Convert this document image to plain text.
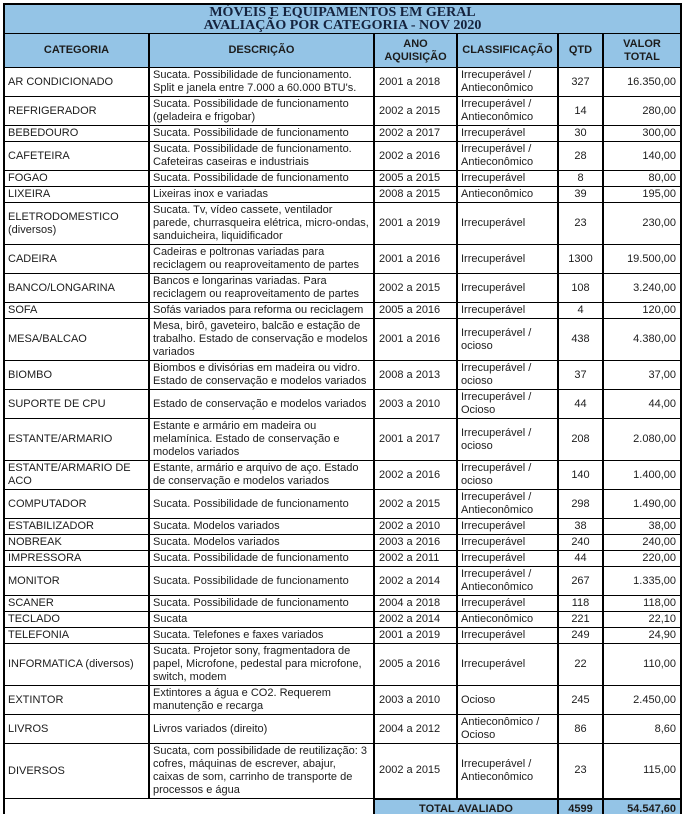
MÓVEIS E EQUIPAMENTOS EM GERAL
AVALIAÇÃO POR CATEGORIA - NOV 2020					

CATEGORIA	DESCRIÇÃO	ANO AQUISIÇÃO	CLASSIFICAÇÃO	QTD	VALOR TOTAL
AR CONDICIONADO	Sucata. Possibilidade de funcionamento. Split e janela entre 7.000 a 60.000 BTU's.	2001 a 2018	Irrecuperável / Antieconômico	327	16.350,00
REFRIGERADOR	Sucata. Possibilidade de funcionamento (geladeira e frigobar)	2002 a 2015	Irrecuperável / Antieconômico	14	280,00
BEBEDOURO	Sucata. Possibilidade de funcionamento	2002 a 2017	Irrecuperável	30	300,00
CAFETEIRA	Sucata. Possibilidade de funcionamento. Cafeteiras caseiras e industriais	2002 a 2016	Irrecuperável / Antieconômico	28	140,00
FOGAO	Sucata. Possibilidade de funcionamento	2005 a 2015	Irrecuperável	8	80,00
LIXEIRA	Lixeiras inox e variadas	2008 a 2015	Antieconômico	39	195,00
ELETRODOMESTICO (diversos)	Sucata. Tv, vídeo cassete, ventilador parede, churrasqueira elétrica, micro-ondas, sanduicheira, liquidificador	2001 a 2019	Irrecuperável	23	230,00
CADEIRA	Cadeiras e poltronas variadas para reciclagem ou reaproveitamento de partes	2001 a 2016	Irrecuperável	1300	19.500,00
BANCO/LONGARINA	Bancos e longarinas variadas. Para reciclagem ou reaproveitamento de partes	2002 a 2015	Irrecuperável	108	3.240,00
SOFA	Sofás variados para reforma ou reciclagem	2005 a 2016	Irrecuperável	4	120,00
MESA/BALCAO	Mesa, birô, gaveteiro, balcão e estação de trabalho. Estado de conservação e modelos variados	2001 a 2016	Irrecuperável / ocioso	438	4.380,00
BIOMBO	Biombos e divisórias em madeira ou vidro. Estado de conservação e modelos variados	2008 a 2013	Irrecuperável / ocioso	37	37,00
SUPORTE DE CPU	Estado de conservação e modelos variados	2003 a 2010	Irrecuperável / Ocioso	44	44,00
ESTANTE/ARMARIO	Estante e armário em madeira ou melamínica. Estado de conservação e modelos variados	2001 a 2017	Irrecuperável / ocioso	208	2.080,00
ESTANTE/ARMARIO DE ACO	Estante, armário e arquivo de aço. Estado de conservação e modelos variados	2002 a 2016	Irrecuperável / ocioso	140	1.400,00
COMPUTADOR	Sucata. Possibilidade de funcionamento	2002 a 2015	Irrecuperável / Antieconômico	298	1.490,00
ESTABILIZADOR	Sucata. Modelos variados	2002 a 2010	Irrecuperável	38	38,00
NOBREAK	Sucata. Modelos variados	2003 a 2016	Irrecuperável	240	240,00
IMPRESSORA	Sucata. Possibilidade de funcionamento	2002 a 2011	Irrecuperável	44	220,00
MONITOR	Sucata. Possibilidade de funcionamento	2002 a 2014	Irrecuperável / Antieconômico	267	1.335,00
SCANER	Sucata. Possibilidade de funcionamento	2004 a 2018	Irrecuperável	118	118,00
TECLADO	Sucata	2002 a 2014	Antieconômico	221	22,10
TELEFONIA	Sucata. Telefones e faxes variados	2001 a 2019	Irrecuperável	249	24,90
INFORMATICA (diversos)	Sucata. Projetor sony, fragmentadora de papel, Microfone, pedestal para microfone, switch, modem	2005 a 2016	Irrecuperável	22	110,00
EXTINTOR	Extintores a água e CO2. Requerem manutenção e recarga	2003 a 2010	Ocioso	245	2.450,00
LIVROS	Livros variados (direito)	2004 a 2012	Antieconômico / Ocioso	86	8,60
DIVERSOS	Sucata, com possibilidade de reutilização: 3 cofres, máquinas de escrever, abajur, caixas de som, carrinho de transporte de processos e água	2002 a 2015	Irrecuperável / Antieconômico	23	115,00
		TOTAL AVALIADO		4599	54.547,60
